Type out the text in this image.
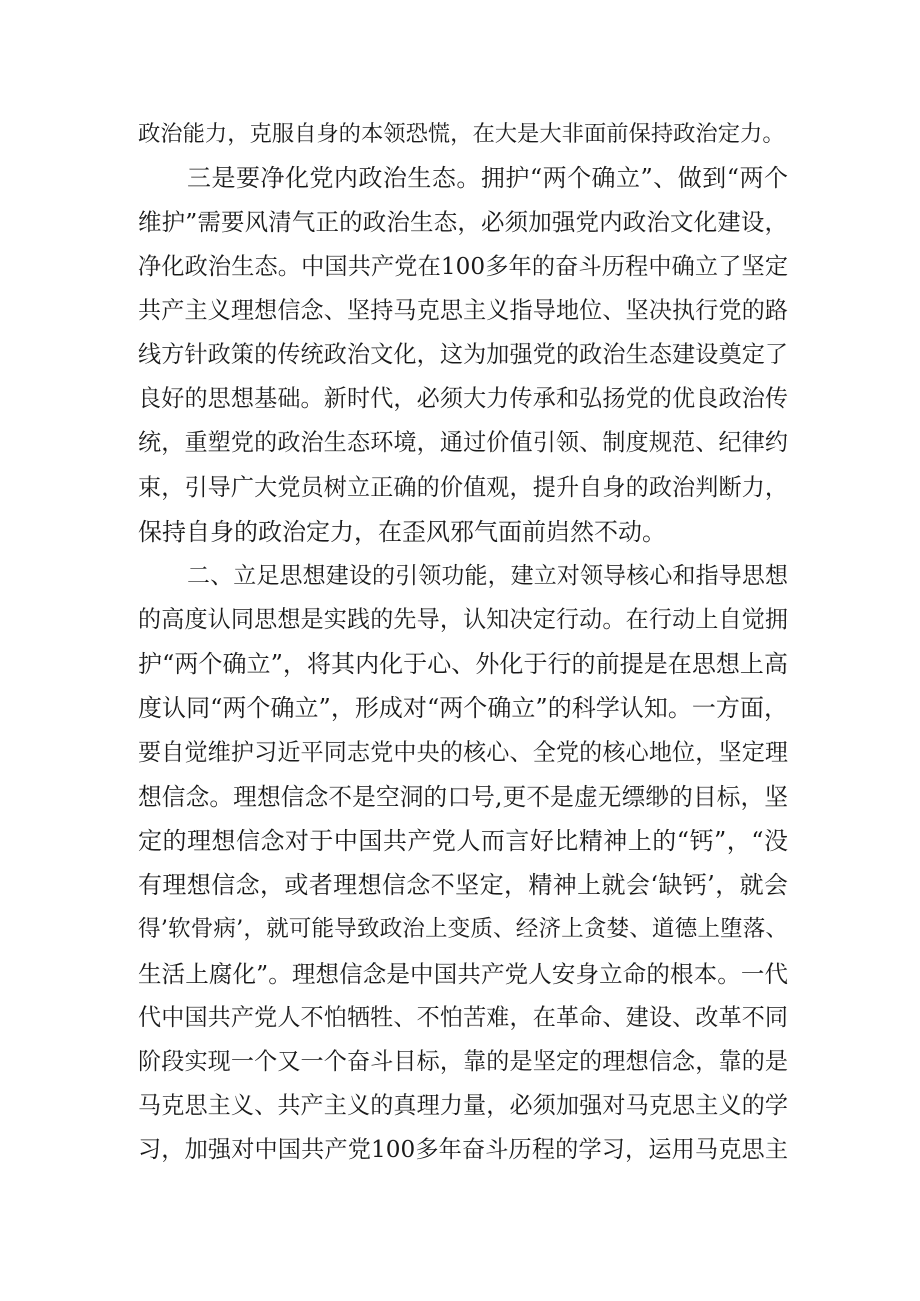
政治能力，克服自身的本领恐慌，在大是大非面前保持政治定力。
三是要净化党内政治生态。拥护“两个确立”、做到“两个
维护”需要风清气正的政治生态，必须加强党内政治文化建设，
净化政治生态。中国共产党在100多年的奋斗历程中确立了坚定
共产主义理想信念、坚持马克思主义指导地位、坚决执行党的路
线方针政策的传统政治文化，这为加强党的政治生态建设奠定了
良好的思想基础。新时代，必须大力传承和弘扬党的优良政治传
统，重塑党的政治生态环境，通过价值引领、制度规范、纪律约
束，引导广大党员树立正确的价值观，提升自身的政治判断力，
保持自身的政治定力，在歪风邪气面前岿然不动。
二、立足思想建设的引领功能，建立对领导核心和指导思想
的高度认同思想是实践的先导，认知决定行动。在行动上自觉拥
护“两个确立”，将其内化于心、外化于行的前提是在思想上高
度认同“两个确立”，形成对“两个确立”的科学认知。一方面，
要自觉维护习近平同志党中央的核心、全党的核心地位，坚定理
想信念。理想信念不是空洞的口号,更不是虚无缥缈的目标，坚
定的理想信念对于中国共产党人而言好比精神上的“钙”，“没
有理想信念，或者理想信念不坚定，精神上就会‘缺钙’，就会
得’软骨病’，就可能导致政治上变质、经济上贪婪、道德上堕落、
生活上腐化”。理想信念是中国共产党人安身立命的根本。一代
代中国共产党人不怕牺牲、不怕苦难，在革命、建设、改革不同
阶段实现一个又一个奋斗目标，靠的是坚定的理想信念，靠的是
马克思主义、共产主义的真理力量，必须加强对马克思主义的学
习，加强对中国共产党100多年奋斗历程的学习，运用马克思主
